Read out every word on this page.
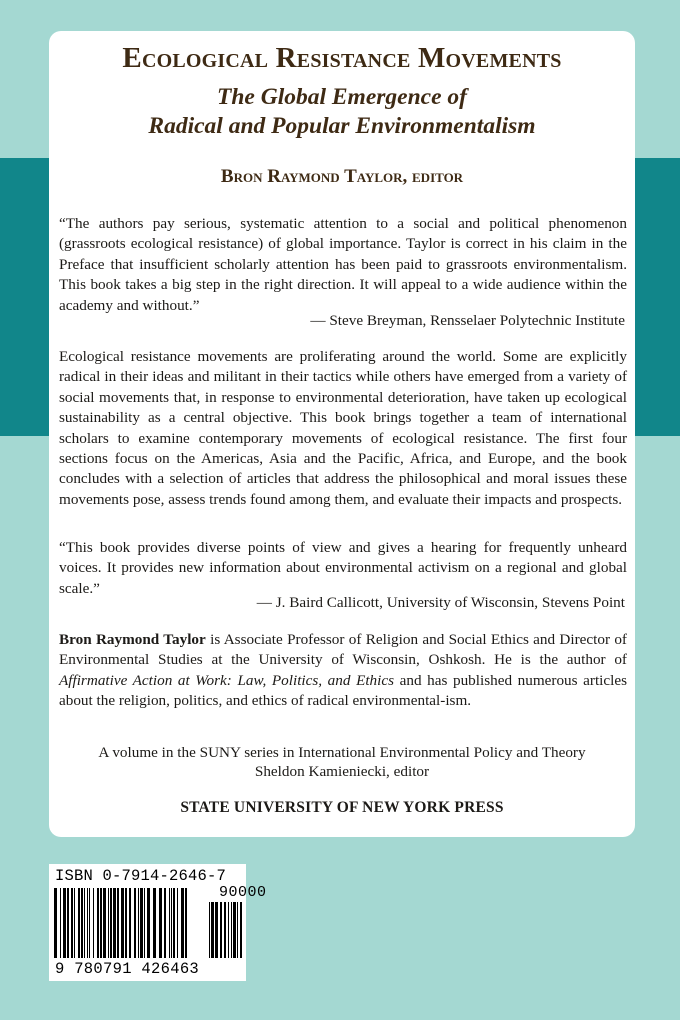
Ecological Resistance Movements
The Global Emergence of
Radical and Popular Environmentalism
Bron Raymond Taylor, editor

“The authors pay serious, systematic attention to a social and political phenomenon (grassroots ecological resistance) of global importance. Taylor is correct in his claim in the Preface that insufficient scholarly attention has been paid to grassroots environmentalism. This book takes a big step in the right direction. It will appeal to a wide audience within the academy and without.”

— Steve Breyman, Rensselaer Polytechnic Institute

Ecological resistance movements are proliferating around the world. Some are explicitly radical in their ideas and militant in their tactics while others have emerged from a variety of social movements that, in response to environmental deterioration, have taken up ecological sustainability as a central objective. This book brings together a team of international scholars to examine contemporary movements of ecological resistance. The first four sections focus on the Americas, Asia and the Pacific, Africa, and Europe, and the book concludes with a selection of articles that address the philosophical and moral issues these movements pose, assess trends found among them, and evaluate their impacts and prospects.

“This book provides diverse points of view and gives a hearing for frequently unheard voices. It provides new information about environmental activism on a regional and global scale.”

— J. Baird Callicott, University of Wisconsin, Stevens Point

Bron Raymond Taylor is Associate Professor of Religion and Social Ethics and Director of Environmental Studies at the University of Wisconsin, Oshkosh. He is the author of Affirmative Action at Work: Law, Politics, and Ethics and has published numerous articles about the religion, politics, and ethics of radical environmental-ism.

A volume in the SUNY series in International Environmental Policy and Theory

Sheldon Kamieniecki, editor

STATE UNIVERSITY OF NEW YORK PRESS
ISBN 0-7914-2646-7
90000
9 780791 426463
